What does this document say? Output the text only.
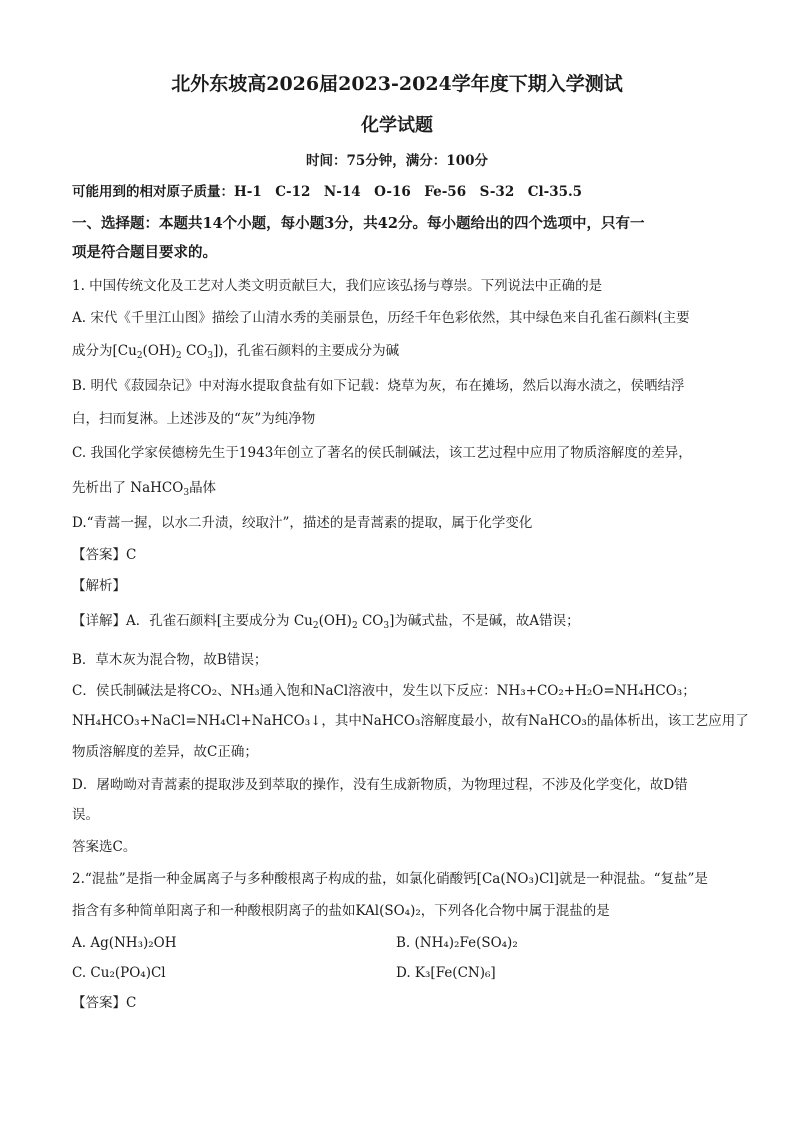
北外东坡高2026届2023-2024学年度下期入学测试
化学试题
时间：75分钟，满分：100分
可能用到的相对原子质量：H-1　C-12　N-14　O-16　Fe-56　S-32　Cl-35.5
一、选择题：本题共14个小题，每小题3分，共42分。每小题给出的四个选项中，只有一
项是符合题目要求的。
1. 中国传统文化及工艺对人类文明贡献巨大，我们应该弘扬与尊崇。下列说法中正确的是
A. 宋代《千里江山图》描绘了山清水秀的美丽景色，历经千年色彩依然，其中绿色来自孔雀石颜料(主要
成分为[$Cu_2(OH)_2$ $CO_3$])，孔雀石颜料的主要成分为碱
B. 明代《菽园杂记》中对海水提取食盐有如下记载：烧草为灰，布在摊场，然后以海水渍之，侯晒结浮
白，扫而复淋。上述涉及的“灰”为纯净物
C. 我国化学家侯德榜先生于1943年创立了著名的侯氏制碱法，该工艺过程中应用了物质溶解度的差异，
先析出了 NaHCO$_3$晶体
D.“青蒿一握，以水二升渍，绞取汁”，描述的是青蒿素的提取，属于化学变化
【答案】C
【解析】
【详解】A．孔雀石颜料[主要成分为 $Cu_2(OH)_2$ $CO_3$]为碱式盐，不是碱，故A错误；
B．草木灰为混合物，故B错误；
C．侯氏制碱法是将CO₂、NH₃通入饱和NaCl溶液中，发生以下反应：NH₃+CO₂+H₂O=NH₄HCO₃；
NH₄HCO₃+NaCl=NH₄Cl+NaHCO₃↓，其中NaHCO₃溶解度最小，故有NaHCO₃的晶体析出，该工艺应用了
物质溶解度的差异，故C正确；
D．屠呦呦对青蒿素的提取涉及到萃取的操作，没有生成新物质，为物理过程，不涉及化学变化，故D错
误。
答案选C。
2.“混盐”是指一种金属离子与多种酸根离子构成的盐，如氯化硝酸钙[Ca(NO₃)Cl]就是一种混盐。“复盐”是
指含有多种简单阳离子和一种酸根阴离子的盐如KAl(SO₄)₂，下列各化合物中属于混盐的是
A. Ag(NH₃)₂OH	B. (NH₄)₂Fe(SO₄)₂
C. Cu₂(PO₄)Cl	D. K₃[Fe(CN)₆]
【答案】C
